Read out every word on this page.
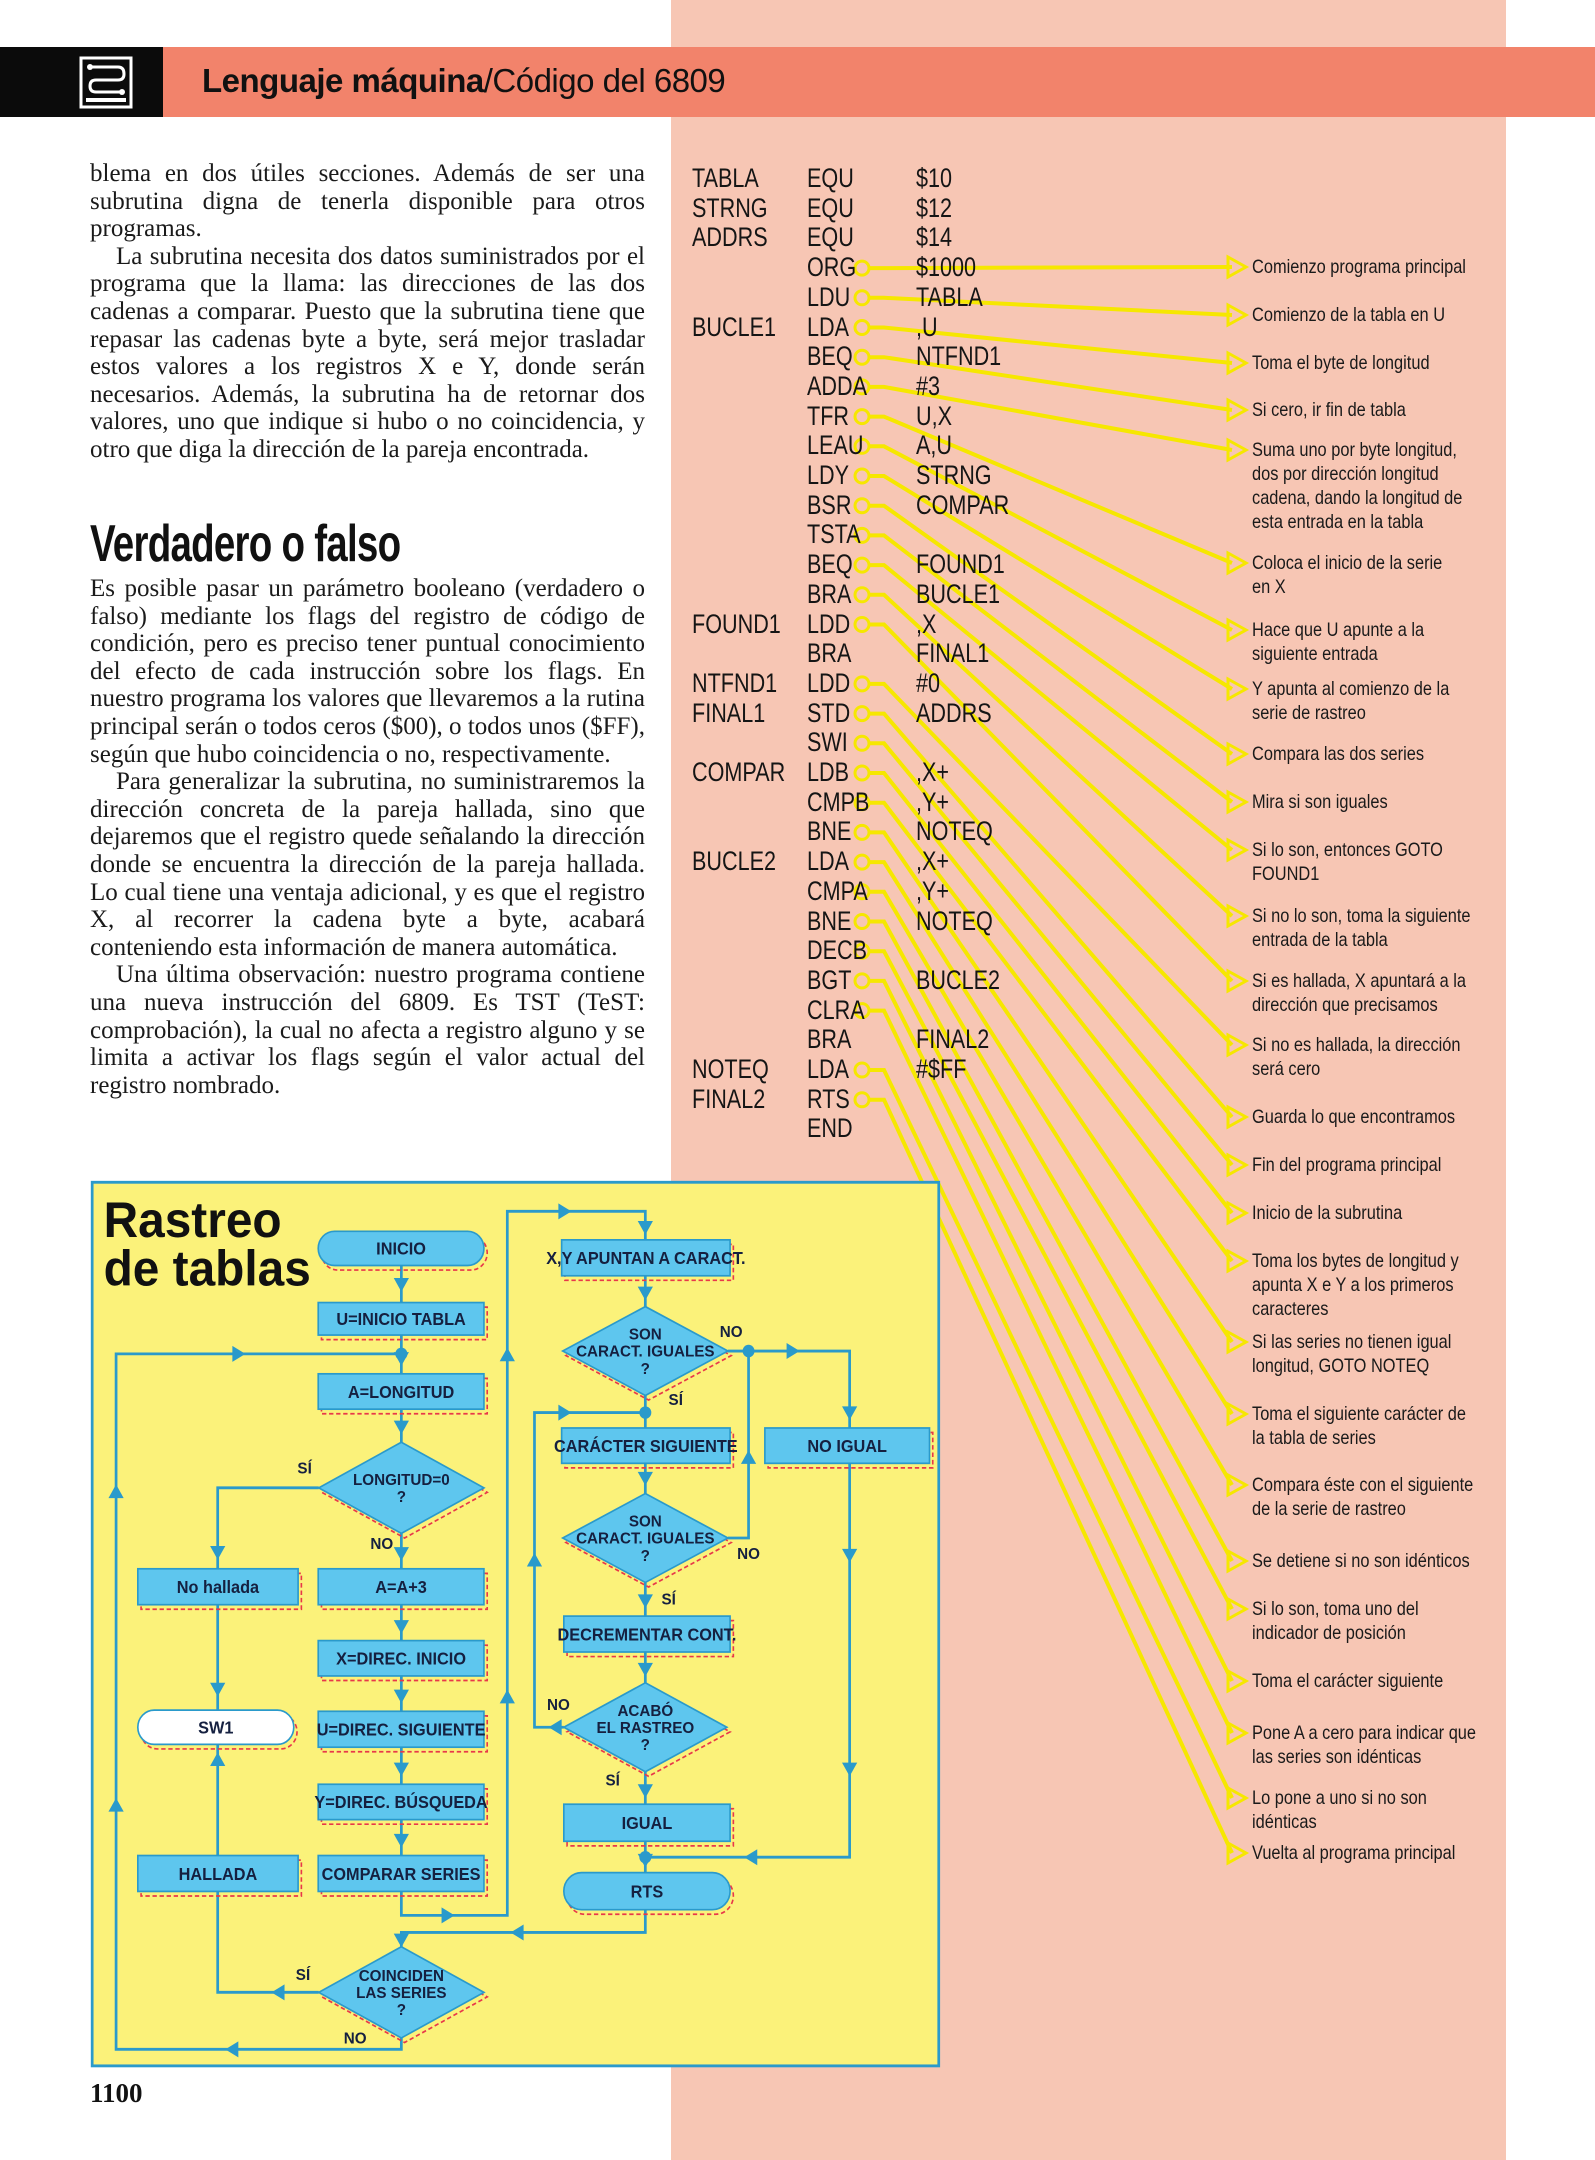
Lenguaje máquina/Código del 6809

blema en dos útiles secciones. Además de ser una subrutina digna de tenerla disponible para otros programas.

La subrutina necesita dos datos suministrados por el programa que la llama: las direcciones de las dos cadenas a comparar. Puesto que la subrutina tiene que repasar las cadenas byte a byte, será mejor trasladar estos valores a los registros X e Y, donde serán necesarios. Además, la subrutina ha de retornar dos valores, uno que indique si hubo o no coincidencia, y otro que diga la dirección de la pareja encontrada.

Verdadero o falso

Es posible pasar un parámetro booleano (verdadero o falso) mediante los flags del registro de código de condición, pero es preciso tener puntual conocimiento del efecto de cada instrucción sobre los flags. En nuestro programa los valores que llevaremos a la rutina principal serán o todos ceros ($00), o todos unos ($FF), según que hubo coincidencia o no, respectivamente.

Para generalizar la subrutina, no suministraremos la dirección concreta de la pareja hallada, sino que dejaremos que el registro quede señalando la dirección donde se encuentra la dirección de la pareja hallada. Lo cual tiene una ventaja adicional, y es que el registro X, al recorrer la cadena byte a byte, acabará conteniendo esta información de manera automática.

Una última observación: nuestro programa contiene una nueva instrucción del 6809. Es TST (TeST: comprobación), la cual no afecta a registro alguno y se limita a activar los flags según el valor actual del registro nombrado.

1100
TABLA EQU $10
STRNG EQU $12
ADDRS EQU $14
ORG $1000
LDU TABLA
BUCLE1 LDA ,U
BEQ NTFND1
ADDA #3
TFR U,X
LEAU A,U
LDY STRNG
BSR COMPAR
TSTA
BEQ FOUND1
BRA BUCLE1
FOUND1 LDD ,X
BRA FINAL1
NTFND1 LDD #0
FINAL1 STD ADDRS
SWI
COMPAR LDB ,X+
CMPB ,Y+
BNE NOTEQ
BUCLE2 LDA ,X+
CMPA ,Y+
BNE NOTEQ
DECB
BGT BUCLE2
CLRA
BRA FINAL2
NOTEQ LDA #$FF
FINAL2 RTS
END
Comienzo programa principal
Comienzo de la tabla en U
Toma el byte de longitud
Si cero, ir fin de tabla
Suma uno por byte longitud,
dos por dirección longitud
cadena, dando la longitud de
esta entrada en la tabla
Coloca el inicio de la serie
en X
Hace que U apunte a la
siguiente entrada
Y apunta al comienzo de la
serie de rastreo
Compara las dos series
Mira si son iguales
Si lo son, entonces GOTO
FOUND1
Si no lo son, toma la siguiente
entrada de la tabla
Si es hallada, X apuntará a la
dirección que precisamos
Si no es hallada, la dirección
será cero
Guarda lo que encontramos
Fin del programa principal
Inicio de la subrutina
Toma los bytes de longitud y
apunta X e Y a los primeros
caracteres
Si las series no tienen igual
longitud, GOTO NOTEQ
Toma el siguiente carácter de
la tabla de series
Compara éste con el siguiente
de la serie de rastreo
Se detiene si no son idénticos
Si lo son, toma uno del
indicador de posición
Toma el carácter siguiente
Pone A a cero para indicar que
las series son idénticas
Lo pone a uno si no son
idénticas
Vuelta al programa principal
INICIO
U=INICIO TABLA
A=LONGITUD
LONGITUD=0
?
No hallada	A=A+3
X=DIREC. INICIO
SW1	U=DIREC. SIGUIENTE
Y=DIREC. BÚSQUEDA
HALLADA COMPARAR SERIES
COINCIDEN
LAS SERIES
?
X,Y APUNTAN A CARACT.
SON
CARACT. IGUALES
?
CARÁCTER SIGUIENTE NO IGUAL
SON
CARACT. IGUALES
?
DECREMENTAR CONT.
ACABÓ
EL RASTREO
?
IGUAL
RTS
SÍ
NO
SÍ
NO
NO
SÍ
NO
SÍ
NO
SÍ
Rastreo
de tablas
